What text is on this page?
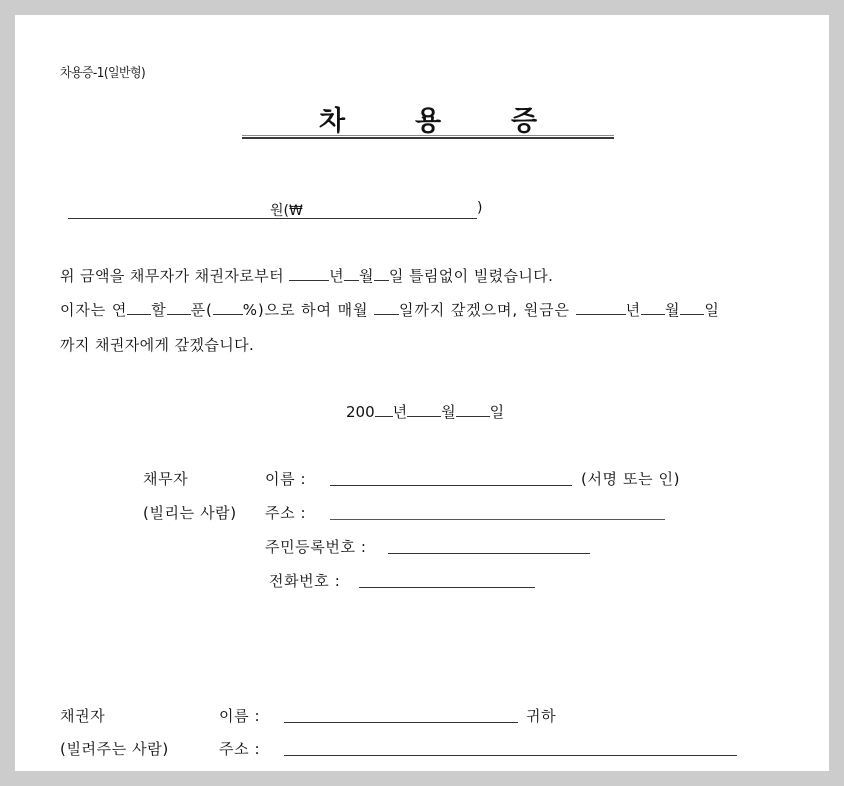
차용증-1(일반형)
차	용	증
원(₩	)
위 금액을 채무자가 채권자로부터	년 월 일 틀림없이 빌렸습니다.
이자는 연 할 푼( %)으로 하여 매월 일까지 갚겠으며, 원금은	년 월 일
까지 채권자에게 갚겠습니다.
200 년 월 일
채무자	이름 :	(서명 또는 인)
(빌리는 사람) 주소 :
주민등록번호 :
전화번호 :
채권자	이름 :	귀하
(빌려주는 사람)	주소 :
